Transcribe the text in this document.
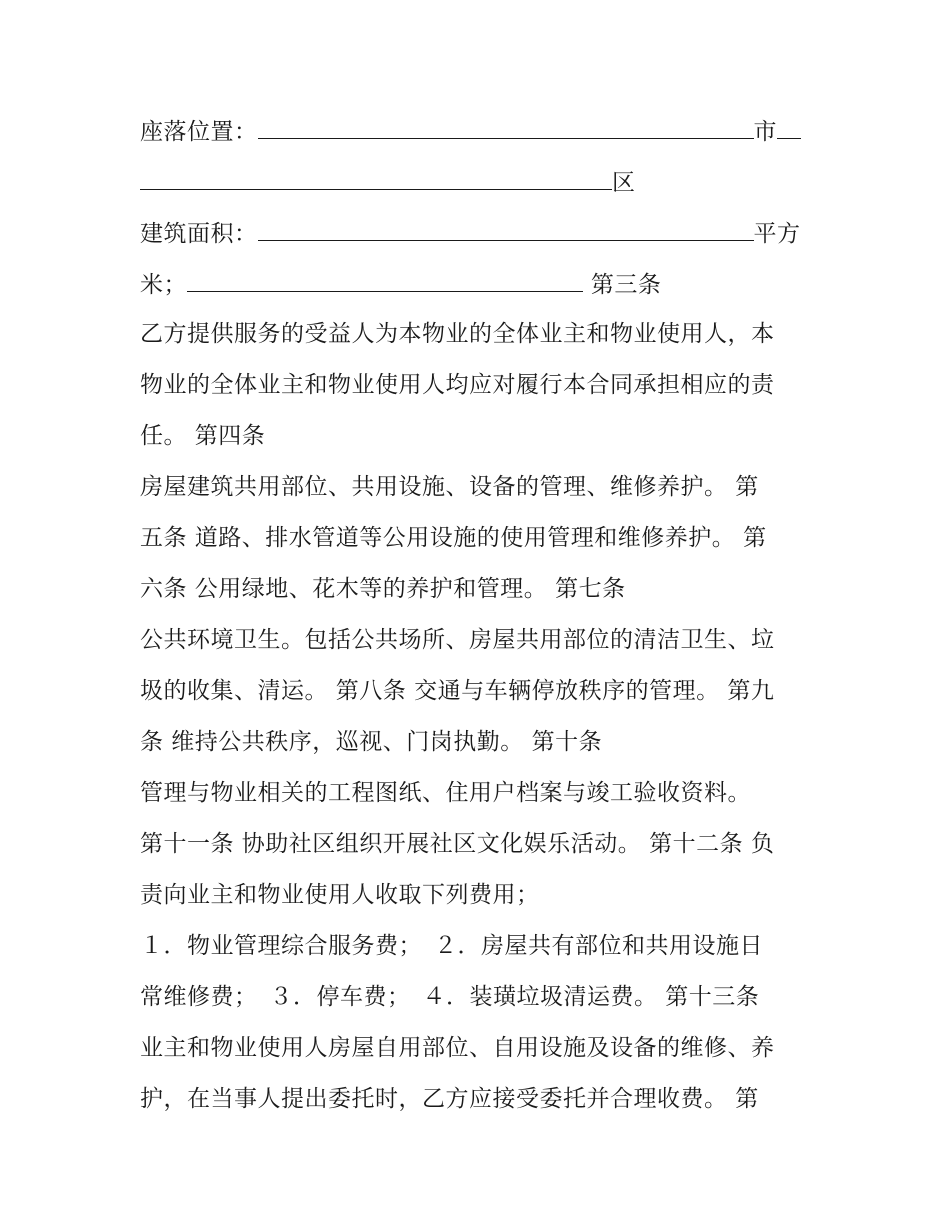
座落位置：	市
区
建筑面积：	平方
米；	第三条
乙方提供服务的受益人为本物业的全体业主和物业使用人，本
物业的全体业主和物业使用人均应对履行本合同承担相应的责
任。 第四条
房屋建筑共用部位、共用设施、设备的管理、维修养护。 第
五条 道路、排水管道等公用设施的使用管理和维修养护。 第
六条 公用绿地、花木等的养护和管理。 第七条
公共环境卫生。包括公共场所、房屋共用部位的清洁卫生、垃
圾的收集、清运。 第八条 交通与车辆停放秩序的管理。 第九
条 维持公共秩序，巡视、门岗执勤。 第十条
管理与物业相关的工程图纸、住用户档案与竣工验收资料。
第十一条 协助社区组织开展社区文化娱乐活动。 第十二条 负
责向业主和物业使用人收取下列费用；
１．物业管理综合服务费；　２．房屋共有部位和共用设施日
常维修费；　３．停车费；　４．装璜垃圾清运费。 第十三条
业主和物业使用人房屋自用部位、自用设施及设备的维修、养
护，在当事人提出委托时，乙方应接受委托并合理收费。 第
